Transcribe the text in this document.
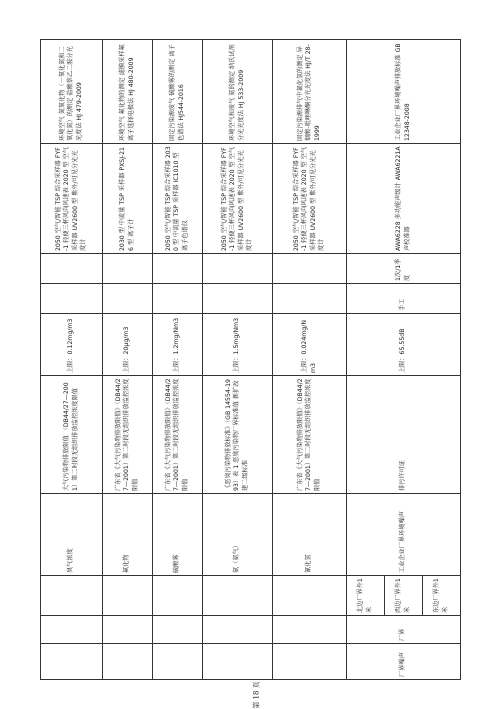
			臭气浓度	大气污染物排放限值 （DB44/27—2001）第二时段无组织排放监控浓度限值	上限：0.12mg/m3			2050 空气/智能 TSP 综合采样器 FYF-1 轻便三杯风向风速表 2020 型 空气采样器 UV2600 型 紫外/可见分光光度计	环境空气 氮氧化物（一氧化氮和二氧化氮）的测定 盐酸萘乙二胺分光光度法 HJ 479-2009
			氟化物	广东省《大气污染物排放限值》（DB44/27—2001）第二时段无组织排放监控浓度限值	上限：20μg/m3			2030 型 中流量 TSP 采样器 PXSJ-216 型 离子计	环境空气 氟化物的测定 滤膜采样氟离子选择电极法 HJ 480-2009
			硫酸雾	广东省《大气污染物排放限值》（DB44/27—2001）第二时段无组织排放监控浓度限值	上限：1.2mg/Nm3			2050 空气/智能 TSP 综合采样器 2030 型 中流量 TSP 采样器 IC1010 型 离子色谱仪	固定污染源废气 硫酸雾的测定 离子色谱法 HJ544-2016
			氨（氨气）	《恶臭污染物排放标准》（GB 14554-1993）表 1 恶臭污染物厂界标准值 新扩改建二级标准	上限：1.5mg/Nm3			2050 空气/智能 TSP 综合采样器 FYF-1 轻便三杯风向风速表 2020 型 空气采样器 UV2600 型 紫外/可见分光光度计	环境空气和废气 氨的测定 纳氏试剂分光光度法 HJ 533-2009
			氰化氢	广东省《大气污染物排放限值》（DB44/27—2001）第二时段无组织排放监控浓度限值	上限：0.024mg/Nm3			2050 空气/智能 TSP 综合采样器 FYF-1 轻便三杯风向风速表 2020 型 空气采样器 UV2600 型 紫外/可见分光光度计	固定污染源排气中氰化氢的测定 异烟酸-吡唑啉酮分光光度法 HJ/T 28-1999
厂界噪声	厂界	北边厂界外1米	工业企业厂界环境噪声	排污许可证	上限：65.55dB	手工	1次/1季度	AWA6228 多功能声级计 AWA6221A 声校准器	工业企业厂界环境噪声排放标准 GB 12348-2008
		西边厂界外1米							
		东边厂界外1米							
第 18 页
